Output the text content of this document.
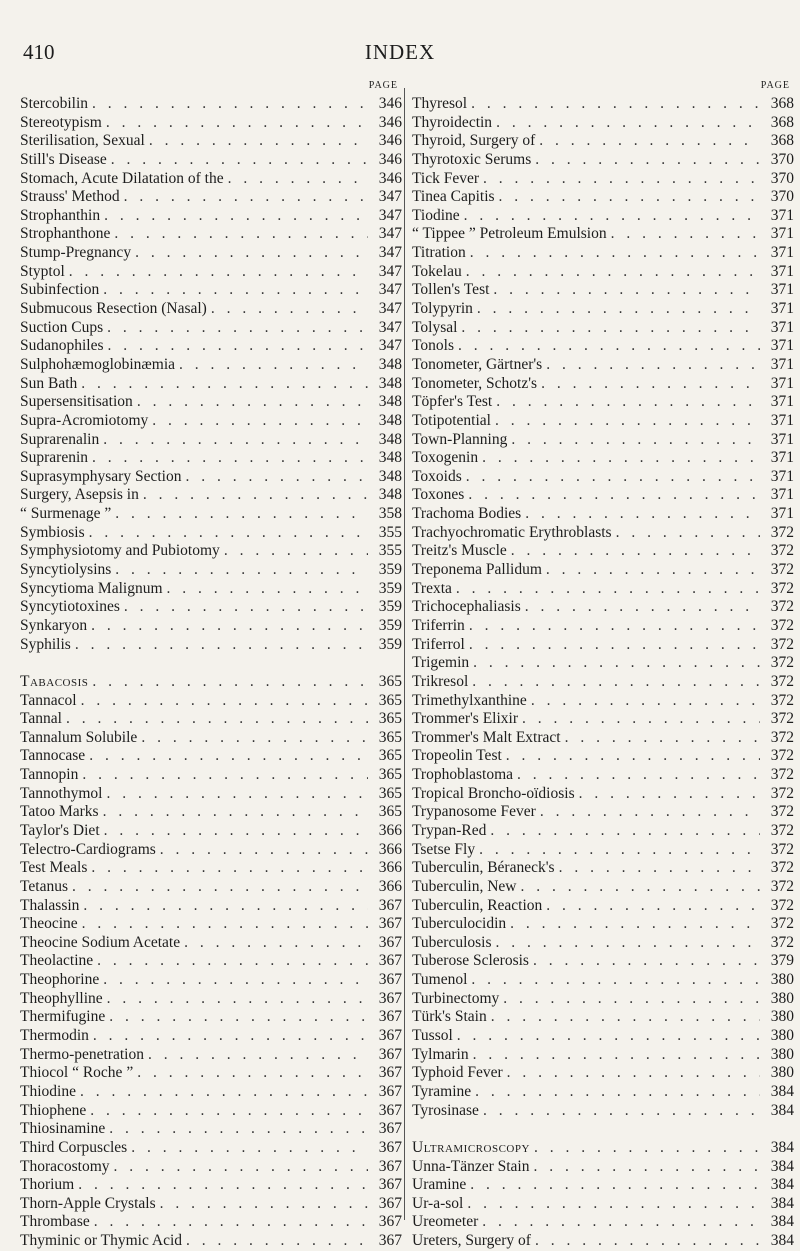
410	INDEX
PAGE
Stercobilin . . .	346
Stereotypism . . .	346
Sterilisation, Sexual . . .	346
Still's Disease . . .	346
Stomach, Acute Dilatation of the . . .	346
Strauss' Method . . .	347
Strophanthin . . .	347
Strophanthone . . .	347
Stump-Pregnancy . . .	347
Styptol . . .	347
Subinfection . . .	347
Submucous Resection (Nasal) . . .	347
Suction Cups . . .	347
Sudanophiles . . .	347
Sulphohæmoglobinæmia . . .	348
Sun Bath . . .	348
Supersensitisation . . .	348
Supra-Acromiotomy . . .	348
Suprarenalin . . .	348
Suprarenin . . .	348
Suprasymphysary Section . . .	348
Surgery, Asepsis in . . .	348
“ Surmenage ” . . .	358
Symbiosis . . .	355
Symphysiotomy and Pubiotomy . . .	355
Syncytiolysins . . .	359
Syncytioma Malignum . . .	359
Syncytiotoxines . . .	359
Synkaryon . . .	359
Syphilis . . .	359
Tabacosis . . .	365
Tannacol . . .	365
Tannal . . .	365
Tannalum Solubile . . .	365
Tannocase . . .	365
Tannopin . . .	365
Tannothymol . . .	365
Tatoo Marks . . .	365
Taylor's Diet . . .	366
Telectro-Cardiograms . . .	366
Test Meals . . .	366
Tetanus . . .	366
Thalassin . . .	367
Theocine . . .	367
Theocine Sodium Acetate . . .	367
Theolactine . . .	367
Theophorine . . .	367
Theophylline . . .	367
Thermifugine . . .	367
Thermodin . . .	367
Thermo-penetration . . .	367
Thiocol “ Roche ” . . .	367
Thiodine . . .	367
Thiophene . . .	367
Thiosinamine . . .	367
Third Corpuscles . . .	367
Thoracostomy . . .	367
Thorium . . .	367
Thorn-Apple Crystals . . .	367
Thrombase . . .	367
Thyminic or Thymic Acid . . .	367
PAGE
Thyresol . . .	368
Thyroidectin . . .	368
Thyroid, Surgery of . . .	368
Thyrotoxic Serums . . .	370
Tick Fever . . .	370
Tinea Capitis . . .	370
Tiodine . . .	371
“ Tippee ” Petroleum Emulsion . . .	371
Titration . . .	371
Tokelau . . .	371
Tollen's Test . . .	371
Tolypyrin . . .	371
Tolysal . . .	371
Tonols . . .	371
Tonometer, Gärtner's . . .	371
Tonometer, Schotz's . . .	371
Töpfer's Test . . .	371
Totipotential . . .	371
Town-Planning . . .	371
Toxogenin . . .	371
Toxoids . . .	371
Toxones . . .	371
Trachoma Bodies . . .	371
Trachyochromatic Erythroblasts . . .	372
Treitz's Muscle . . .	372
Treponema Pallidum . . .	372
Trexta . . .	372
Trichocephaliasis . . .	372
Triferrin . . .	372
Triferrol . . .	372
Trigemin . . .	372
Trikresol . . .	372
Trimethylxanthine . . .	372
Trommer's Elixir . . .	372
Trommer's Malt Extract . . .	372
Tropeolin Test . . .	372
Trophoblastoma . . .	372
Tropical Broncho-oïdiosis . . .	372
Trypanosome Fever . . .	372
Trypan-Red . . .	372
Tsetse Fly . . .	372
Tuberculin, Béraneck's . . .	372
Tuberculin, New . . .	372
Tuberculin, Reaction . . .	372
Tuberculocidin . . .	372
Tuberculosis . . .	372
Tuberose Sclerosis . . .	379
Tumenol . . .	380
Turbinectomy . . .	380
Türk's Stain . . .	380
Tussol . . .	380
Tylmarin . . .	380
Typhoid Fever . . .	380
Tyramine . . .	384
Tyrosinase . . .	384
Ultramicroscopy . . .	384
Unna-Tänzer Stain . . .	384
Uramine . . .	384
Ur-a-sol . . .	384
Ureometer . . .	384
Ureters, Surgery of . . .	384
